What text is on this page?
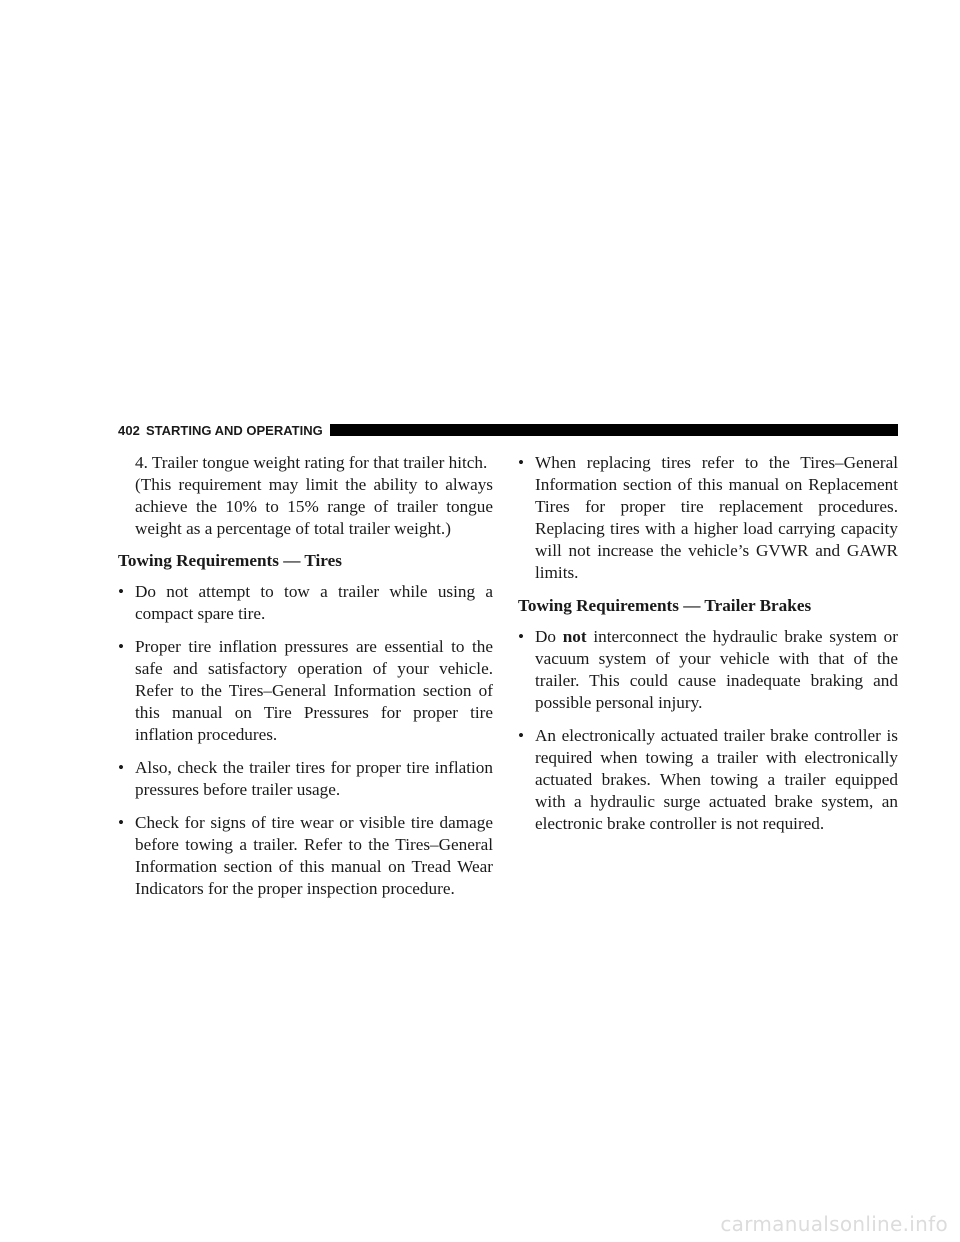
402 STARTING AND OPERATING

4. Trailer tongue weight rating for that trailer hitch.

(This requirement may limit the ability to always achieve the 10% to 15% range of trailer tongue weight as a percentage of total trailer weight.)

Towing Requirements — Tires
• Do not attempt to tow a trailer while using a compact spare tire.
• Proper tire inflation pressures are essential to the safe and satisfactory operation of your vehicle. Refer to the Tires–General Information section of this manual on Tire Pressures for proper tire inflation procedures.
• Also, check the trailer tires for proper tire inflation pressures before trailer usage.
• Check for signs of tire wear or visible tire damage before towing a trailer. Refer to the Tires–General Information section of this manual on Tread Wear Indicators for the proper inspection procedure.
• When replacing tires refer to the Tires–General Information section of this manual on Replacement Tires for proper tire replacement procedures. Replacing tires with a higher load carrying capacity will not increase the vehicle’s GVWR and GAWR limits.
Towing Requirements — Trailer Brakes
• Do not interconnect the hydraulic brake system or vacuum system of your vehicle with that of the trailer. This could cause inadequate braking and possible personal injury.
• An electronically actuated trailer brake controller is required when towing a trailer with electronically actuated brakes. When towing a trailer equipped with a hydraulic surge actuated brake system, an electronic brake controller is not required.
carmanualsonline.info
